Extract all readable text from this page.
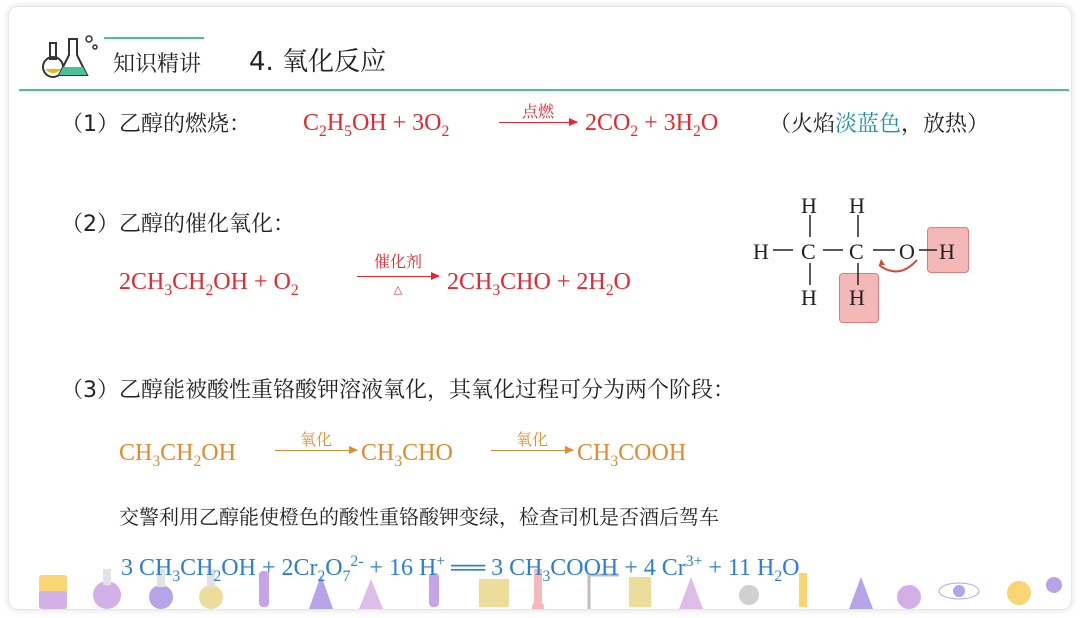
知识精讲 4. 氧化反应
（1）乙醇的燃烧： $C_2H_5OH + 3O_2$
点燃	$2CO_2 + 3H_2O$ （火焰淡蓝色，放热）
（2）乙醇的催化氧化：
$2CH_3CH_2OH + O_2$
催化剂
△	$2CH_3CHO + 2H_2O$
H H
H C C O H
H H
（3）乙醇能被酸性重铬酸钾溶液氧化，其氧化过程可分为两个阶段：
$CH_3CH_2OH$
氧化
$CH_3CHO$
氧化
$CH_3COOH$
交警利用乙醇能使橙色的酸性重铬酸钾变绿，检查司机是否酒后驾车
3 $CH_3CH_2OH + 2Cr_2O_7^{2-} + 16$ H+ ══ 3 $CH_3COOH + 4$ $Cr^{3+} + 11$ $H_2O$
